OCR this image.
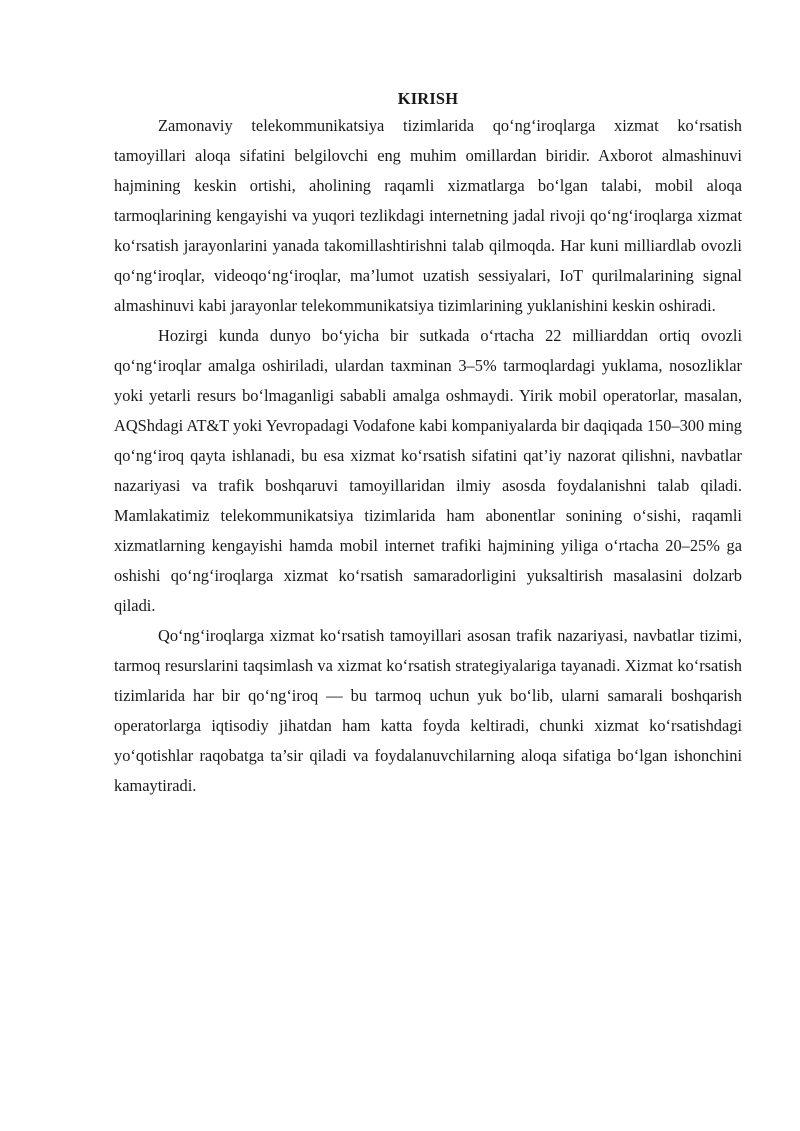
KIRISH

Zamonaviy telekommunikatsiya tizimlarida qo‘ng‘iroqlarga xizmat ko‘rsatish tamoyillari aloqa sifatini belgilovchi eng muhim omillardan biridir. Axborot almashinuvi hajmining keskin ortishi, aholining raqamli xizmatlarga bo‘lgan talabi, mobil aloqa tarmoqlarining kengayishi va yuqori tezlikdagi internetning jadal rivoji qo‘ng‘iroqlarga xizmat ko‘rsatish jarayonlarini yanada takomillashtirishni talab qilmoqda. Har kuni milliardlab ovozli qo‘ng‘iroqlar, videoqo‘ng‘iroqlar, ma’lumot uzatish sessiyalari, IoT qurilmalarining signal almashinuvi kabi jarayonlar telekommunikatsiya tizimlarining yuklanishini keskin oshiradi.

Hozirgi kunda dunyo bo‘yicha bir sutkada o‘rtacha 22 milliarddan ortiq ovozli qo‘ng‘iroqlar amalga oshiriladi, ulardan taxminan 3–5% tarmoqlardagi yuklama, nosozliklar yoki yetarli resurs bo‘lmaganligi sababli amalga oshmaydi. Yirik mobil operatorlar, masalan, AQShdagi AT&T yoki Yevropadagi Vodafone kabi kompaniyalarda bir daqiqada 150–300 ming qo‘ng‘iroq qayta ishlanadi, bu esa xizmat ko‘rsatish sifatini qat’iy nazorat qilishni, navbatlar nazariyasi va trafik boshqaruvi tamoyillaridan ilmiy asosda foydalanishni talab qiladi. Mamlakatimiz telekommunikatsiya tizimlarida ham abonentlar sonining o‘sishi, raqamli xizmatlarning kengayishi hamda mobil internet trafiki hajmining yiliga o‘rtacha 20–25% ga oshishi qo‘ng‘iroqlarga xizmat ko‘rsatish samaradorligini yuksaltirish masalasini dolzarb qiladi.

Qo‘ng‘iroqlarga xizmat ko‘rsatish tamoyillari asosan trafik nazariyasi, navbatlar tizimi, tarmoq resurslarini taqsimlash va xizmat ko‘rsatish strategiyalariga tayanadi. Xizmat ko‘rsatish tizimlarida har bir qo‘ng‘iroq — bu tarmoq uchun yuk bo‘lib, ularni samarali boshqarish operatorlarga iqtisodiy jihatdan ham katta foyda keltiradi, chunki xizmat ko‘rsatishdagi yo‘qotishlar raqobatga ta’sir qiladi va foydalanuvchilarning aloqa sifatiga bo‘lgan ishonchini kamaytiradi.
